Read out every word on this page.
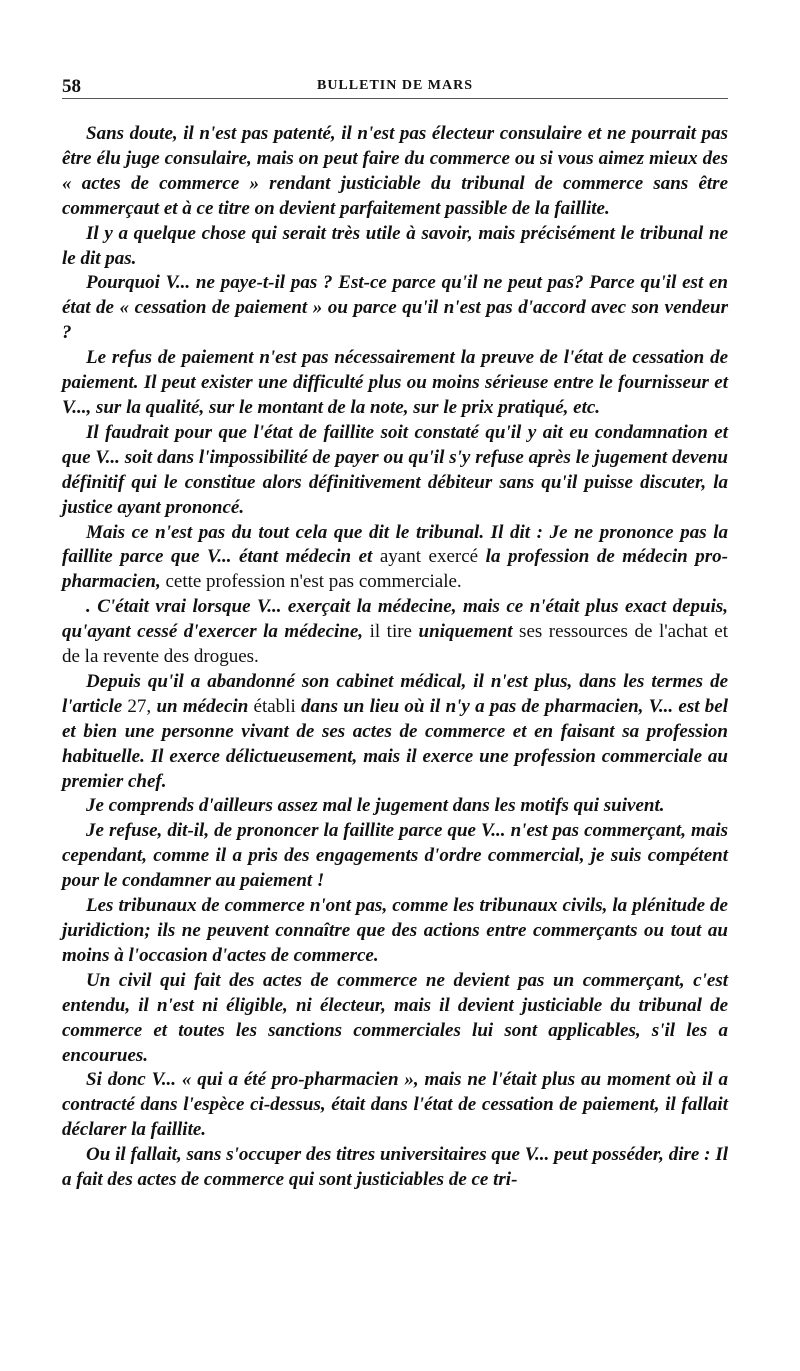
58	BULLETIN DE MARS

Sans doute, il n'est pas patenté, il n'est pas électeur consulaire et ne pourrait pas être élu juge consulaire, mais on peut faire du commerce ou si vous aimez mieux des « actes de commerce » rendant justiciable du tribunal de commerce sans être commerçaut et à ce titre on devient parfaitement passible de la faillite.

Il y a quelque chose qui serait très utile à savoir, mais précisément le tribunal ne le dit pas.

Pourquoi V... ne paye-t-il pas ? Est-ce parce qu'il ne peut pas? Parce qu'il est en état de « cessation de paiement » ou parce qu'il n'est pas d'accord avec son vendeur ?

Le refus de paiement n'est pas nécessairement la preuve de l'état de cessation de paiement. Il peut exister une difficulté plus ou moins sérieuse entre le fournisseur et V..., sur la qualité, sur le montant de la note, sur le prix pratiqué, etc.

Il faudrait pour que l'état de faillite soit constaté qu'il y ait eu condamnation et que V... soit dans l'impossibilité de payer ou qu'il s'y refuse après le jugement devenu définitif qui le constitue alors définitivement débiteur sans qu'il puisse discuter, la justice ayant prononcé.

Mais ce n'est pas du tout cela que dit le tribunal. Il dit : Je ne prononce pas la faillite parce que V... étant médecin et ayant exercé la profession de médecin pro-pharmacien, cette profession n'est pas commerciale.

. C'était vrai lorsque V... exerçait la médecine, mais ce n'était plus exact depuis, qu'ayant cessé d'exercer la médecine, il tire uniquement ses ressources de l'achat et de la revente des drogues.

Depuis qu'il a abandonné son cabinet médical, il n'est plus, dans les termes de l'article 27, un médecin établi dans un lieu où il n'y a pas de pharmacien, V... est bel et bien une personne vivant de ses actes de commerce et en faisant sa profession habituelle. Il exerce délictueusement, mais il exerce une profession commerciale au premier chef.

Je comprends d'ailleurs assez mal le jugement dans les motifs qui suivent.

Je refuse, dit-il, de prononcer la faillite parce que V... n'est pas commerçant, mais cependant, comme il a pris des engagements d'ordre commercial, je suis compétent pour le condamner au paiement !

Les tribunaux de commerce n'ont pas, comme les tribunaux civils, la plénitude de juridiction; ils ne peuvent connaître que des actions entre commerçants ou tout au moins à l'occasion d'actes de commerce.

Un civil qui fait des actes de commerce ne devient pas un commerçant, c'est entendu, il n'est ni éligible, ni électeur, mais il devient justiciable du tribunal de commerce et toutes les sanctions commerciales lui sont applicables, s'il les a encourues.

Si donc V... « qui a été pro-pharmacien », mais ne l'était plus au moment où il a contracté dans l'espèce ci-dessus, était dans l'état de cessation de paiement, il fallait déclarer la faillite.

Ou il fallait, sans s'occuper des titres universitaires que V... peut posséder, dire : Il a fait des actes de commerce qui sont justiciables de ce tri-
